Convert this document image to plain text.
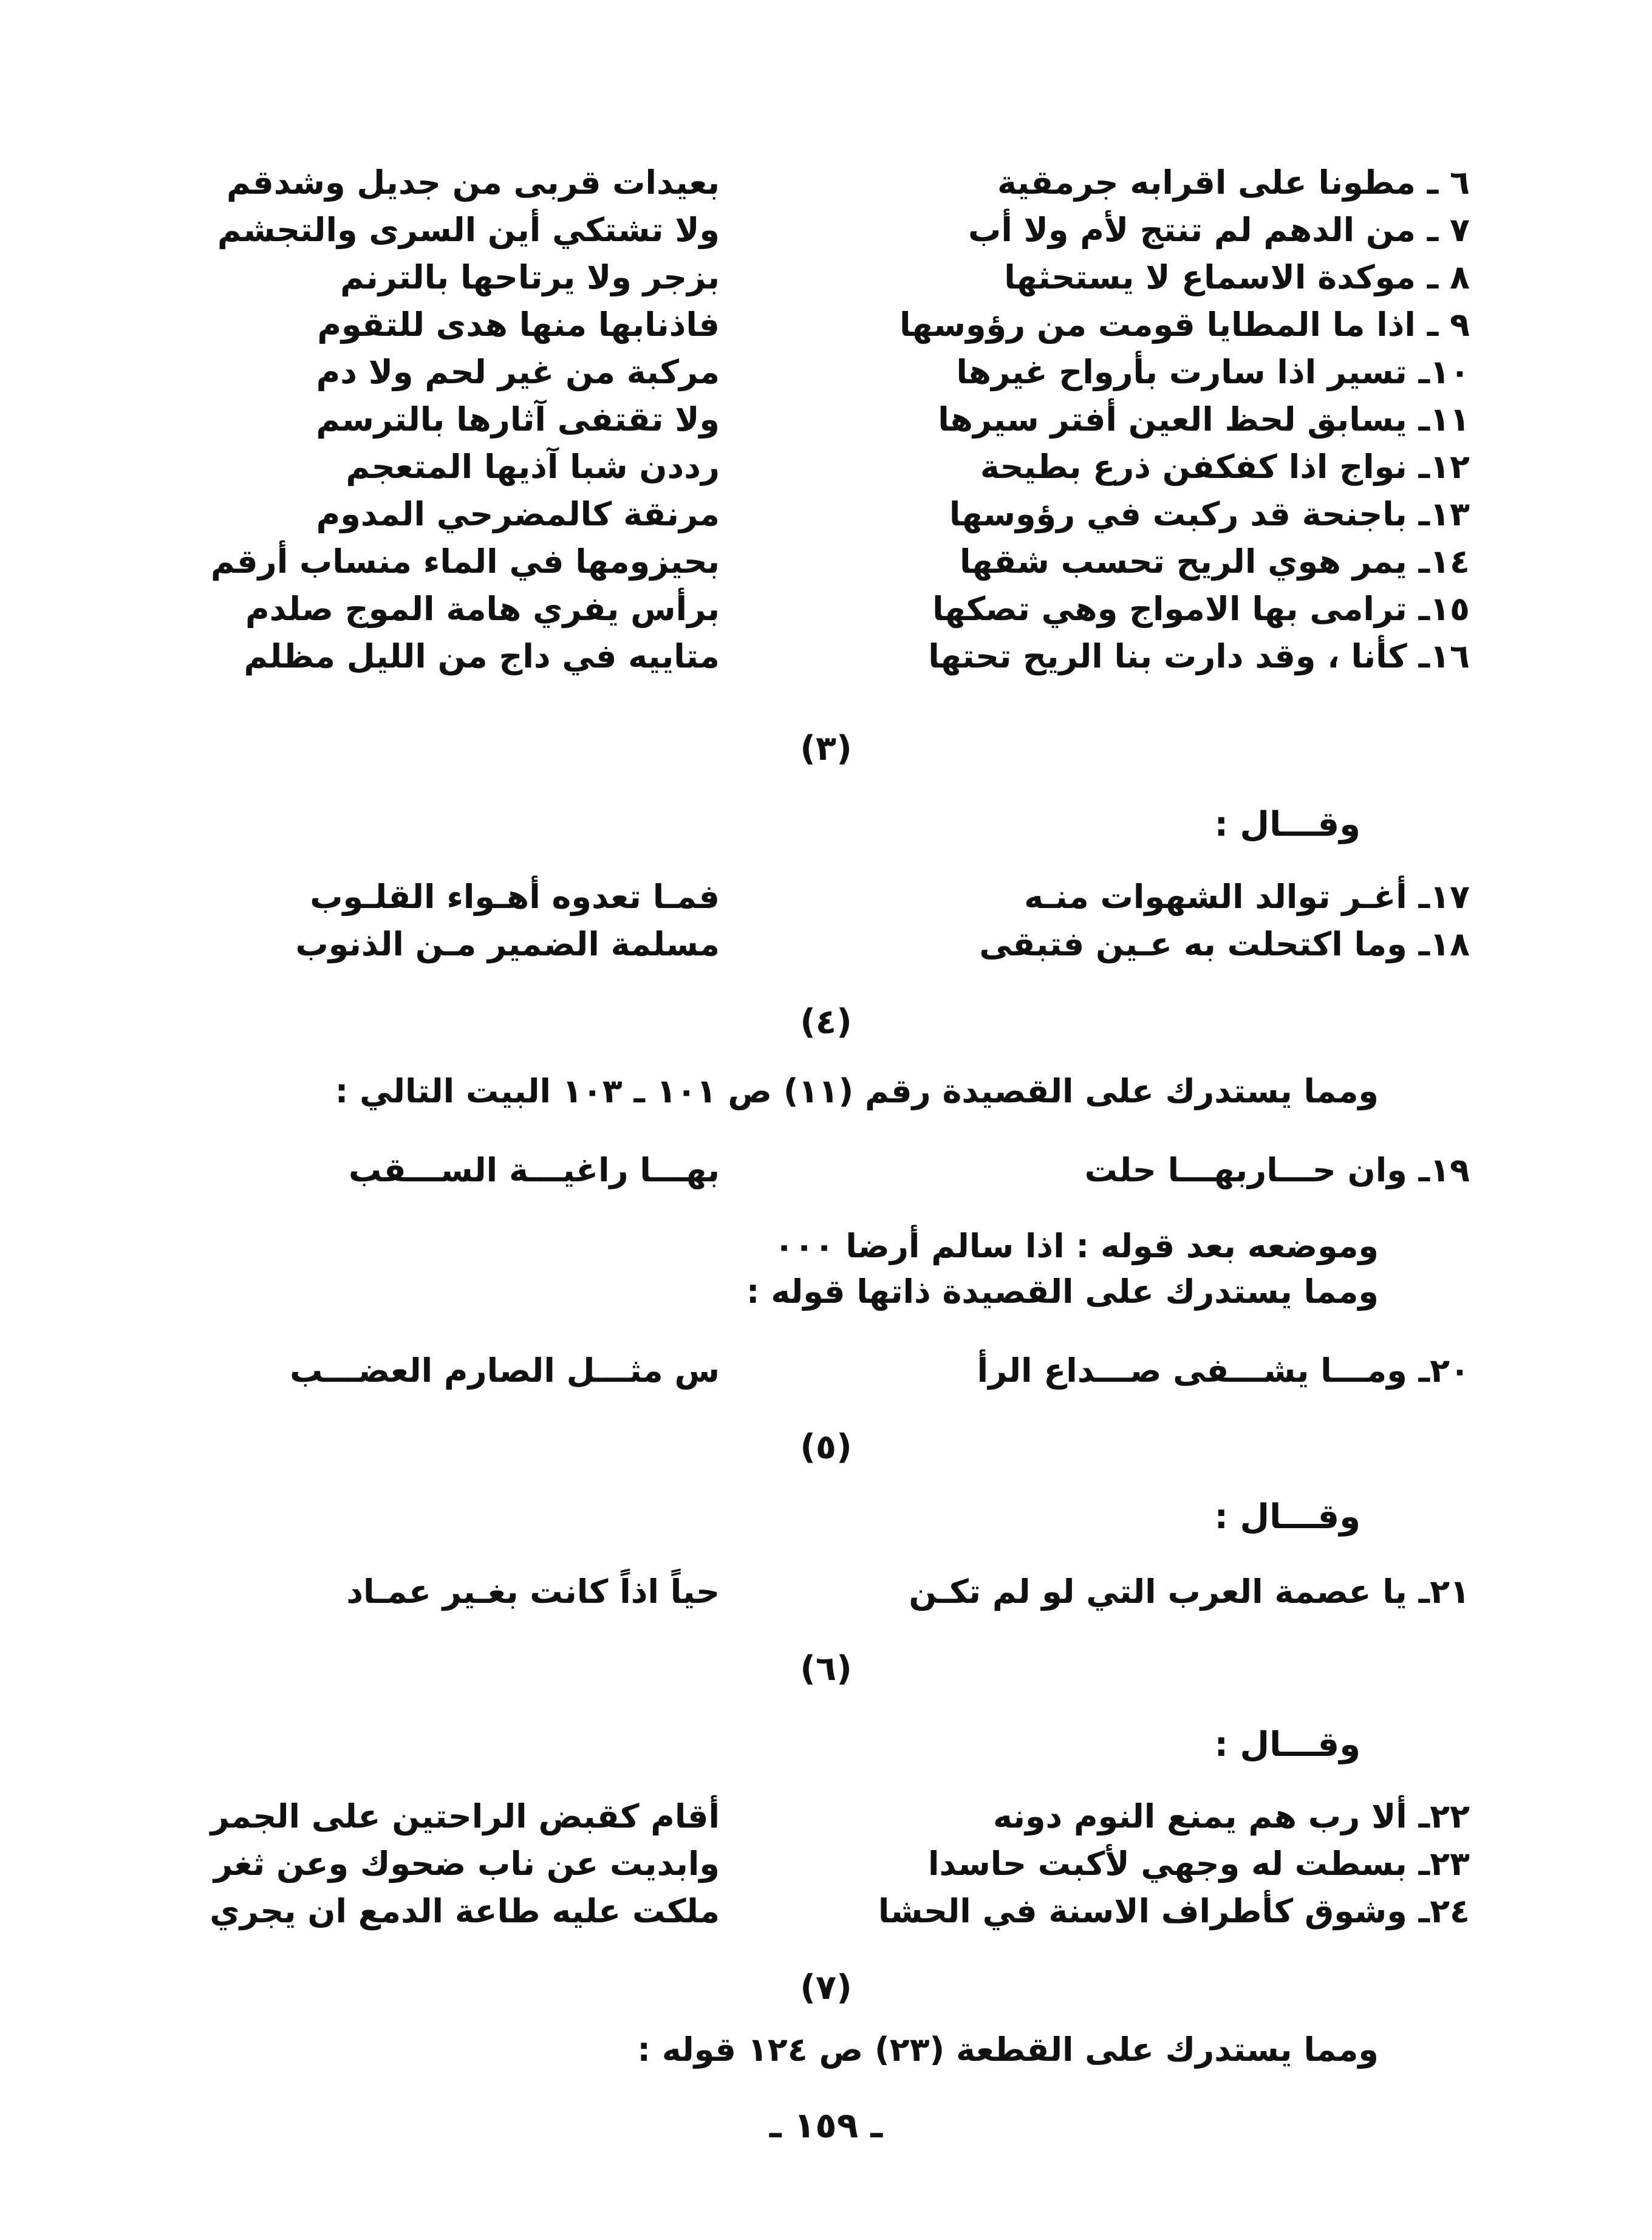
٦ ـ مطونا على اقرابه جرمقية
بعيدات قربى من جديل وشدقم
٧ ـ من الدهم لم تنتج لأم ولا أب
ولا تشتكي أين السرى والتجشم
٨ ـ موكدة الاسماع لا يستحثها
بزجر ولا يرتاحها بالترنم
٩ ـ اذا ما المطايا قومت من رؤوسها
فاذنابها منها هدى للتقوم
١٠ـ تسير اذا سارت بأرواح غيرها
مركبة من غير لحم ولا دم
١١ـ يسابق لحظ العين أفتر سيرها
ولا تقتفى آثارها بالترسم
١٢ـ نواج اذا كفكفن ذرع بطيحة
رددن شبا آذيها المتعجم
١٣ـ باجنحة قد ركبت في رؤوسها
مرنقة كالمضرحي المدوم
١٤ـ يمر هوي الريح تحسب شقها
بحيزومها في الماء منساب أرقم
١٥ـ ترامى بها الامواج وهي تصكها
برأس يفري هامة الموج صلدم
١٦ـ كأنا ، وقد دارت بنا الريح تحتها
متاييه في داج من الليل مظلم
(٣)
وقـــال :
١٧ـ أغـر توالد الشهوات منـه
فمـا تعدوه أهـواء القلـوب
١٨ـ وما اكتحلت به عـين فتبقى
مسلمة الضمير مـن الذنوب
(٤)
ومما يستدرك على القصيدة رقم (١١) ص ١٠١ ـ ١٠٣ البيت التالي :
١٩ـ وان حـــاربهـــا حلت
بهـــا راغيـــة الســـقب
وموضعه بعد قوله : اذا سالم أرضا ٠٠٠
ومما يستدرك على القصيدة ذاتها قوله :
٢٠ـ ومـــا يشـــفى صـــداع الرأ
س مثـــل الصارم العضـــب
(٥)
وقـــال :
٢١ـ يا عصمة العرب التي لو لم تكـن
حياً اذاً كانت بغـير عمـاد
(٦)
وقـــال :
٢٢ـ ألا رب هم يمنع النوم دونه
أقام كقبض الراحتين على الجمر
٢٣ـ بسطت له وجهي لأكبت حاسدا
وابديت عن ناب ضحوك وعن ثغر
٢٤ـ وشوق كأطراف الاسنة في الحشا
ملكت عليه طاعة الدمع ان يجري
(٧)
ومما يستدرك على القطعة (٢٣) ص ١٢٤ قوله :
ـ ١٥٩ ـ
